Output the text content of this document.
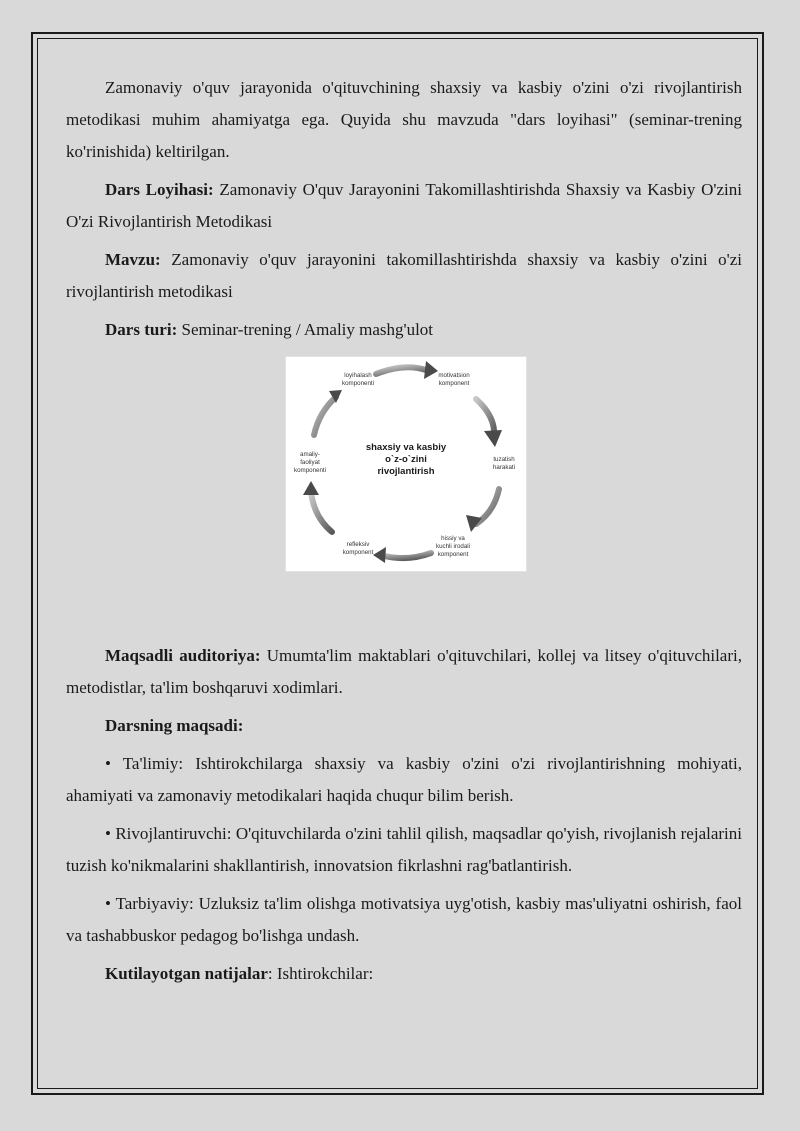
Zamonaviy o'quv jarayonida o'qituvchining shaxsiy va kasbiy o'zini o'zi rivojlantirish metodikasi muhim ahamiyatga ega. Quyida shu mavzuda "dars loyihasi" (seminar-trening ko'rinishida) keltirilgan.

Dars Loyihasi: Zamonaviy O'quv Jarayonini Takomillashtirishda Shaxsiy va Kasbiy O'zini O'zi Rivojlantirish Metodikasi

Mavzu: Zamonaviy o'quv jarayonini takomillashtirishda shaxsiy va kasbiy o'zini o'zi rivojlantirish metodikasi

Dars turi: Seminar-trening / Amaliy mashg'ulot

shaxsiy va kasbiy
o`z-o`zini
rivojlantirish
loyihalash
komponenti
motivatsion
komponent
tuzatish
harakati
hissiy va
kuchli irodali
komponent
refleksiv
komponent
amaliy-
faoliyat
komponenti

Maqsadli auditoriya: Umumta'lim maktablari o'qituvchilari, kollej va litsey o'qituvchilari, metodistlar, ta'lim boshqaruvi xodimlari.

Darsning maqsadi:

• Ta'limiy: Ishtirokchilarga shaxsiy va kasbiy o'zini o'zi rivojlantirishning mohiyati, ahamiyati va zamonaviy metodikalari haqida chuqur bilim berish.

• Rivojlantiruvchi: O'qituvchilarda o'zini tahlil qilish, maqsadlar qo'yish, rivojlanish rejalarini tuzish ko'nikmalarini shakllantirish, innovatsion fikrlashni rag'batlantirish.

• Tarbiyaviy: Uzluksiz ta'lim olishga motivatsiya uyg'otish, kasbiy mas'uliyatni oshirish, faol va tashabbuskor pedagog bo'lishga undash.

Kutilayotgan natijalar: Ishtirokchilar:
